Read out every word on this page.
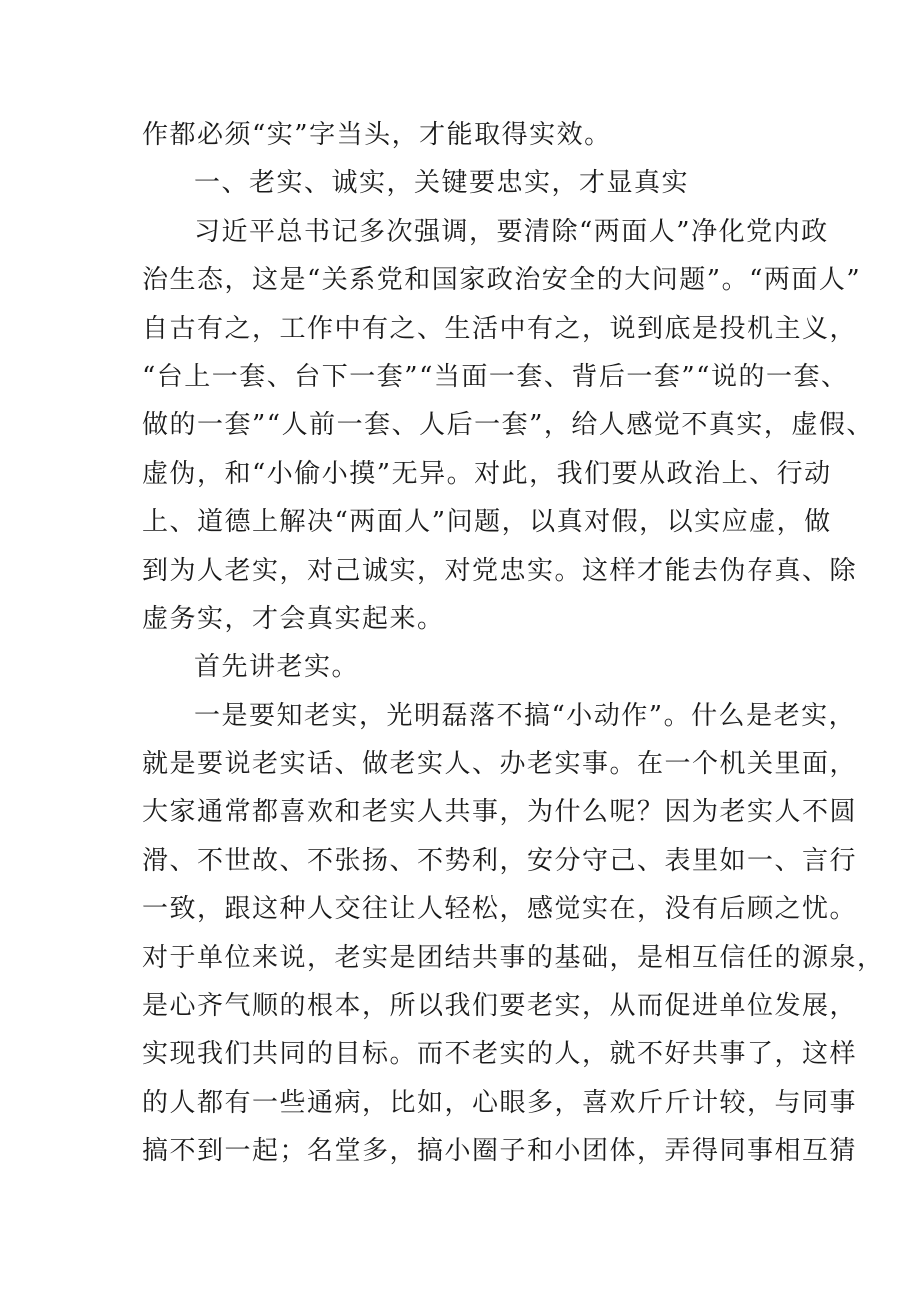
作都必须“实”字当头，才能取得实效。
一、老实、诚实，关键要忠实，才显真实
习近平总书记多次强调，要清除“两面人”净化党内政
治生态，这是“关系党和国家政治安全的大问题”。“两面人”
自古有之，工作中有之、生活中有之，说到底是投机主义，
“台上一套、台下一套”“当面一套、背后一套”“说的一套、
做的一套”“人前一套、人后一套”，给人感觉不真实，虚假、
虚伪，和“小偷小摸”无异。对此，我们要从政治上、行动
上、道德上解决“两面人”问题，以真对假，以实应虚，做
到为人老实，对己诚实，对党忠实。这样才能去伪存真、除
虚务实，才会真实起来。
首先讲老实。
一是要知老实，光明磊落不搞“小动作”。什么是老实，
就是要说老实话、做老实人、办老实事。在一个机关里面，
大家通常都喜欢和老实人共事，为什么呢？因为老实人不圆
滑、不世故、不张扬、不势利，安分守己、表里如一、言行
一致，跟这种人交往让人轻松，感觉实在，没有后顾之忧。
对于单位来说，老实是团结共事的基础，是相互信任的源泉，
是心齐气顺的根本，所以我们要老实，从而促进单位发展，
实现我们共同的目标。而不老实的人，就不好共事了，这样
的人都有一些通病，比如，心眼多，喜欢斤斤计较，与同事
搞不到一起；名堂多，搞小圈子和小团体，弄得同事相互猜
